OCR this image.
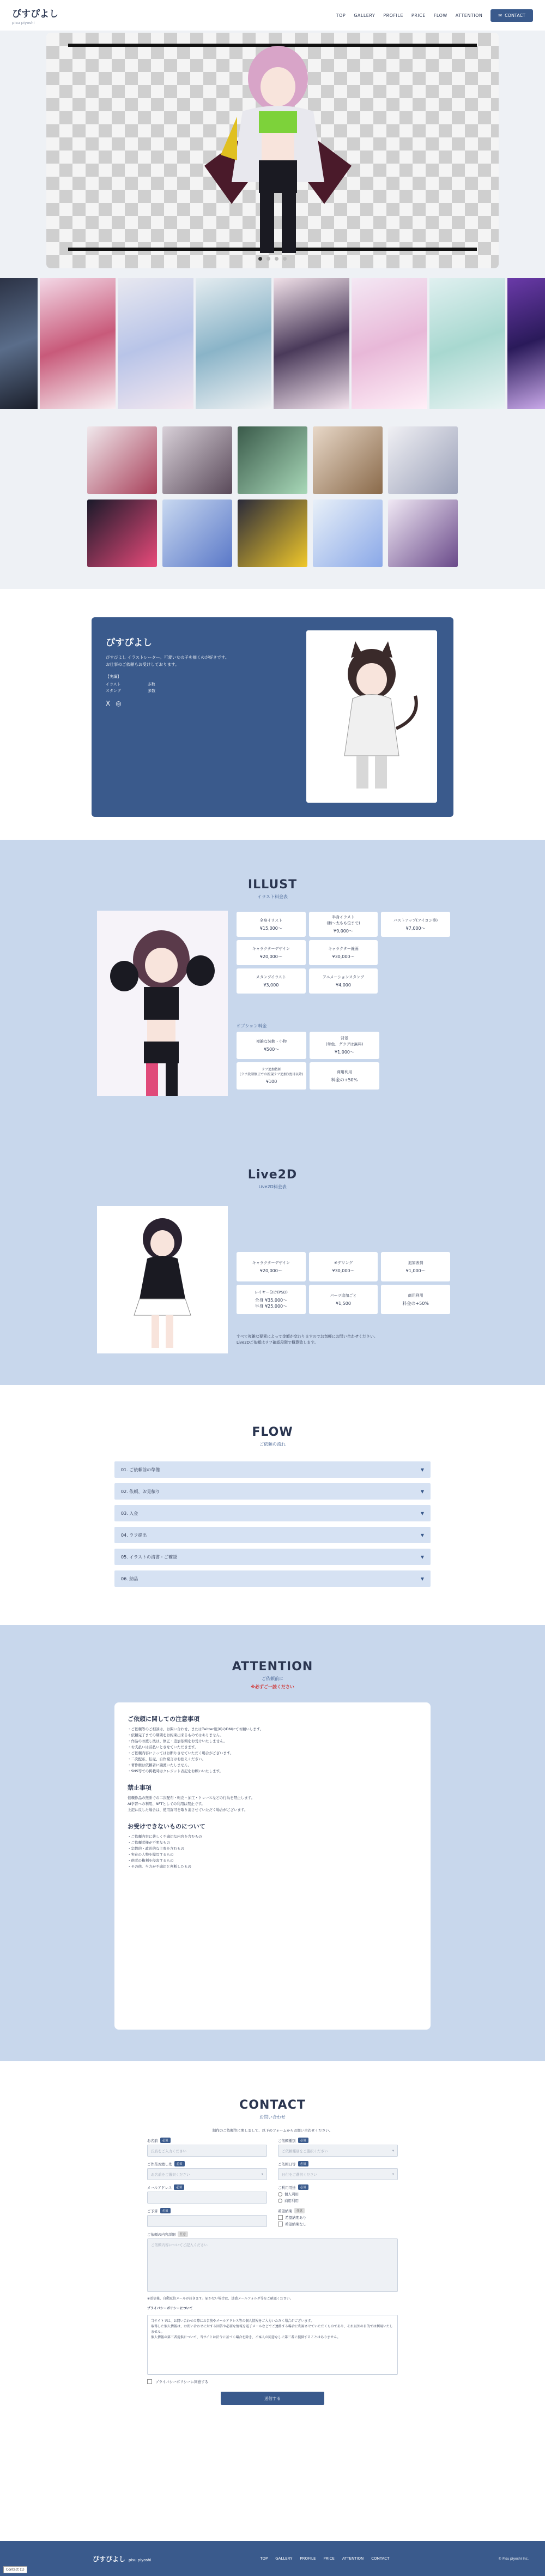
ぴすぴよし
pisu piyoshi
TOP GALLERY PROFILE PRICE FLOW ATTENTION	✉ CONTACT
ぴすぴよし
ぴすぴよし イラストレーター。可愛い女の子を描くのが好きです。
お仕事のご依頼もお受けしております。
【実績】
イラスト　　　　　　　多数
スタンプ　　　　　　　多数

X ◎
ILLUST
イラスト料金表
全身イラスト
¥15,000〜
半身イラスト
(胸〜太もも位まで)
¥9,000〜
バストアップ(アイコン等)
¥7,000〜
キャラクターデザイン
¥20,000〜
キャラクター線画
¥30,000〜
スタンプイラスト
¥3,000
アニメーションスタンプ
¥4,000
オプション料金
複雑な装飾・小物
¥500〜
背景
(単色、グラデは無料)
¥1,000〜
ラフ追加依頼
(ラフ段階修正での新規ラフ追加3度目以降)
¥100
商用利用
料金の+50%
Live2D
Live2D料金表
キャラクターデザイン
¥20,000〜
モデリング
¥30,000〜
追加表情
¥1,000〜
レイヤー分け(PSD)
全身 ¥35,000〜
半身 ¥25,000〜
パーツ追加ごと
¥1,500
商用利用
料金の+50%
すべて複雑な要素によって金額が変わりますのでお気軽にお問い合わせください。
Live2Dご依頼はラフ確認段階で概算致します。
FLOW
ご依頼の流れ
01. ご依頼前の準備	▼
02. 依頼、お見積り	▼
03. 入金	▼
04. ラフ提出	▼
05. イラストの清書・ご確認	▼
06. 納品	▼
ATTENTION
ご依頼前に
※必ずご一読ください
ご依頼に関しての注意事項
・ご依頼等のご相談は、お問い合わせ、またはTwitter(旧X)のDMにてお願いします。
・依頼完了までの期間をお約束出来るものではありません。
・作品のお渡し後は、修正・追加依頼をお受けいたしません。
・お支払いは前払いとさせていただきます。
・ご依頼内容によってはお断りさせていただく場合がございます。
・二次配布、転売、自作発言はお控えください。
・著作権は依頼者に譲渡いたしません。
・SNS等での掲載時はクレジット表記をお願いいたします。
禁止事項
依頼作品の無断での二次配布・転売・加工・トレースなどの行為を禁止します。
AI学習への利用、NFTとしての利用は禁止です。
上記に反した場合は、使用許可を取り消させていただく場合がございます。
お受けできないものについて
・ご依頼内容に著しく不適切な内容を含むもの
・ご依頼者様が不明なもの
・宗教的・政治的な主張を含むもの
・実在の人物を模写するもの
・他者の権利を侵害するもの
・その他、当方が不適切と判断したもの
CONTACT
お問い合わせ
制作のご依頼等に関しまして、以下のフォームからお問い合わせください。
お名前	必須
氏名をご入力ください
ご依頼種別	必須
ご依頼種別をご選択ください	▾
ご作業お渡し先	必須
お名前をご選択ください	▾
ご依頼日等	必須
日付をご選択ください	▾
メールアドレス	必須	ご利用用途	必須
個人利用
商用利用
ご予算	必須	希望納期	任意
希望納期あり
希望納期なし
ご依頼の内容詳細	任意
ご依頼内容についてご記入ください
※送信後、自動返信メールが届きます。届かない場合は、迷惑メールフォルダ等をご確認ください。
プライバシーポリシーについて
当サイトでは、お問い合わせの際にお名前やメールアドレス等の個人情報をご入力いただく場合がございます。
取得した個人情報は、お問い合わせに対する回答や必要な情報を電子メールなどでご連絡する場合に利用させていただくものであり、それ以外の目的では利用いたしません。
個人情報の第三者提供について、当サイトは法令に基づく場合を除き、ご本人の同意なしに第三者に提供することはありません。
プライバシーポリシーに同意する
送信する
ぴすぴよし pisu piyoshi	TOP GALLERY PROFILE PRICE ATTENTION CONTACT	© Pisu piyoshi Inc.
Contact (1)
